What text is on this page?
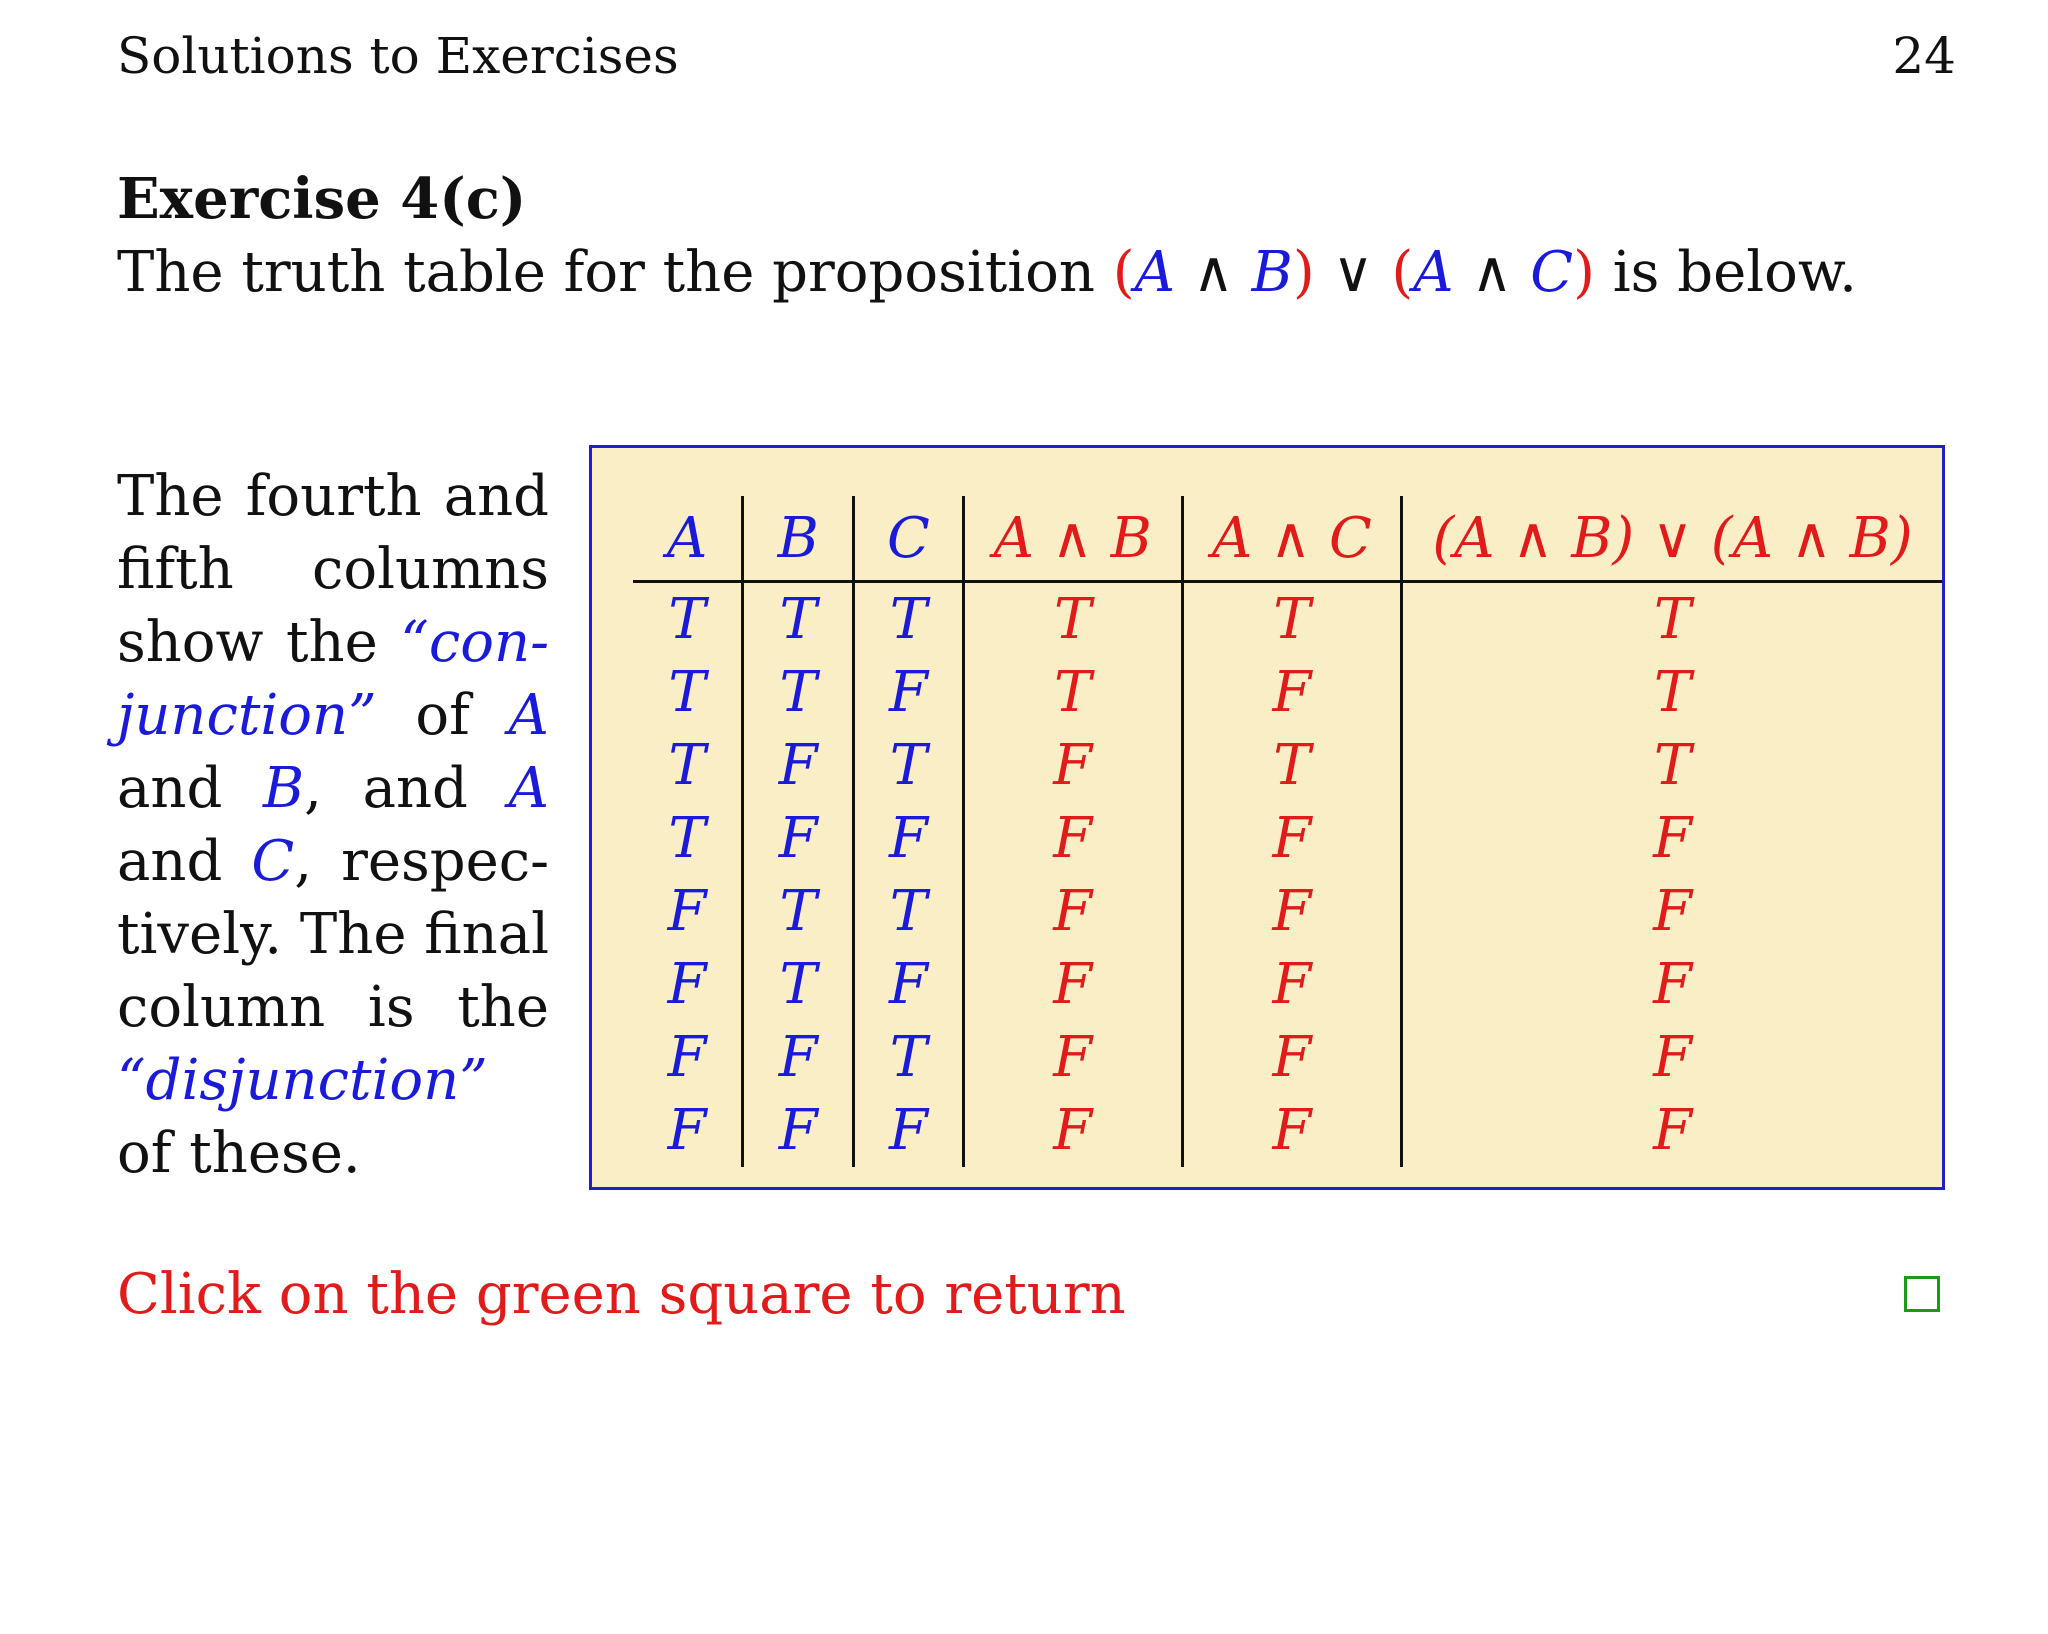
Solutions to Exercises	24
Exercise 4(c)
The truth table for the proposition (A ∧ B) ∨ (A ∧ C) is below.
The fourth and fifth columns show the “con-junction” of A and B, and A and C, respec-tively. The final column is the “disjunction” of these.
A	B	C	A ∧ B	A ∧ C	(A ∧ B) ∨ (A ∧ B)
T	T	T	T	T	T
T	T	F	T	F	T
T	F	T	F	T	T
T	F	F	F	F	F
F	T	T	F	F	F
F	T	F	F	F	F
F	F	T	F	F	F
F	F	F	F	F	F
Click on the green square to return
